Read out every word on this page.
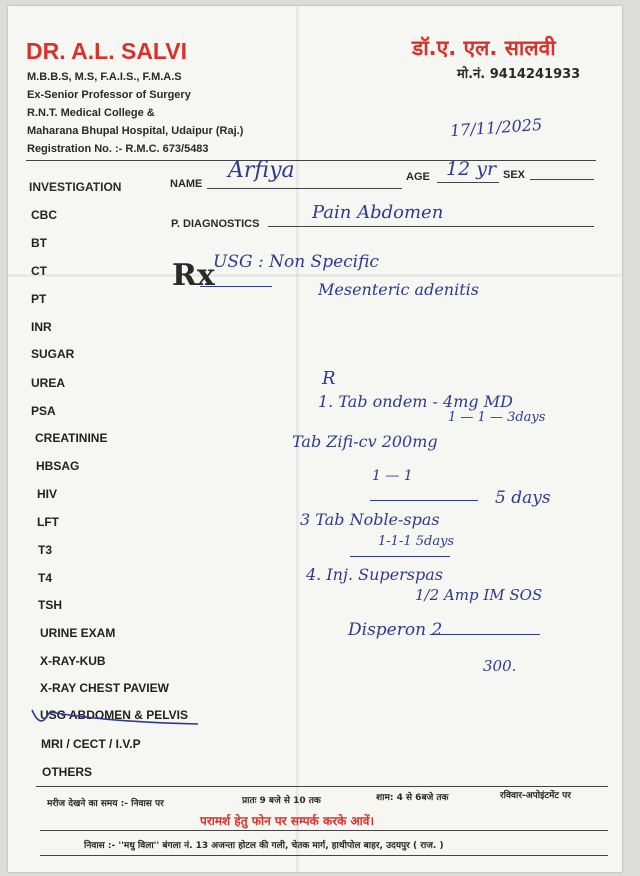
DR. A.L. SALVI	डॉ.ए. एल. सालवी
मो.नं. 9414241933
M.B.B.S, M.S, F.A.I.S., F.M.A.S
Ex-Senior Professor of Surgery
R.N.T. Medical College &
Maharana Bhupal Hospital, Udaipur (Raj.)
Registration No. :- R.M.C. 673/5483
17/11/2025
NAME
Arfiya	AGE 12 yr SEX
INVESTIGATION
P. DIAGNOSTICS
Pain Abdomen
CBC
BT
CT
PT
INR
SUGAR
UREA
PSA
CREATININE
HBSAG
HIV
LFT
T3
T4
TSH
URINE EXAM
X-RAY-KUB
X-RAY CHEST PAVIEW
USG ABDOMEN & PELVIS
MRI / CECT / I.V.P
OTHERS
Rx
USG : Non Specific
Mesenteric adenitis
R
1. Tab ondem - 4mg MD
1 — 1 — 3days
Tab Zifi-cv 200mg
1 — 1
5 days
3 Tab Noble-spas
1-1-1 5days
4. Inj. Superspas
1/2 Amp IM SOS
Disperon 2
300.
मरीज देखने का समय :- निवास पर	प्रातः 9 बजे से 10 तक	शाम: 4 से 6बजे तक	रविवार-अपोइंटमेंट पर
परामर्श हेतु फोन पर सम्पर्क करके आवें।
निवास :- ''मधु विला'' बंगला नं. 13 अजन्ता होटल की गली, चेतक मार्ग, हाथीपोल बाहर, उदयपुर ( राज. )
